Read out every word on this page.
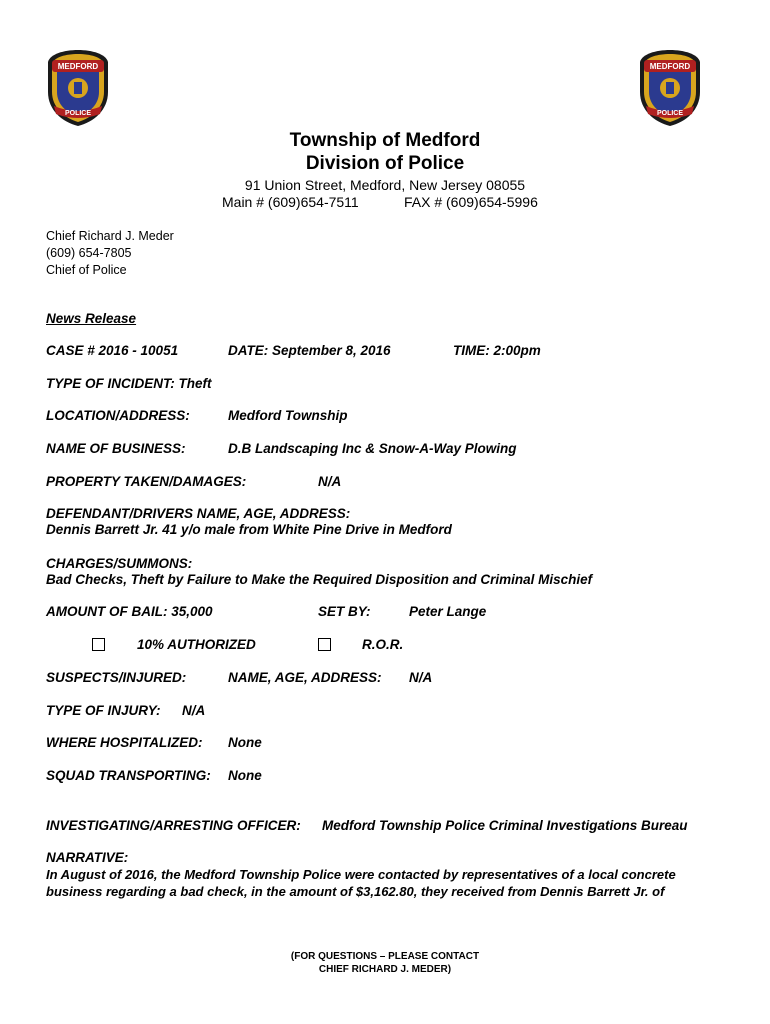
MEDFORD
POLICE
MEDFORD
POLICE
Township of Medford
Division of Police
91 Union Street, Medford, New Jersey 08055
Main # (609)654-7511	FAX # (609)654-5996
Chief Richard J. Meder
(609) 654-7805
Chief of Police
News Release
CASE # 2016 - 10051	DATE: September 8, 2016	TIME: 2:00pm
TYPE OF INCIDENT: Theft
LOCATION/ADDRESS:	Medford Township
NAME OF BUSINESS:	D.B Landscaping Inc & Snow-A-Way Plowing
PROPERTY TAKEN/DAMAGES:	N/A
DEFENDANT/DRIVERS NAME, AGE, ADDRESS:
Dennis Barrett Jr. 41 y/o male from White Pine Drive in Medford
CHARGES/SUMMONS:
Bad Checks, Theft by Failure to Make the Required Disposition and Criminal Mischief
AMOUNT OF BAIL: 35,000	SET BY:	Peter Lange
10% AUTHORIZED	R.O.R.
SUSPECTS/INJURED:	NAME, AGE, ADDRESS: N/A
TYPE OF INJURY: N/A
WHERE HOSPITALIZED: None
SQUAD TRANSPORTING: None
INVESTIGATING/ARRESTING OFFICER: Medford Township Police Criminal Investigations Bureau
NARRATIVE:
In August of 2016, the Medford Township Police were contacted by representatives of a local concrete
business regarding a bad check, in the amount of $3,162.80, they received from Dennis Barrett Jr. of
(FOR QUESTIONS – PLEASE CONTACT
CHIEF RICHARD J. MEDER)
